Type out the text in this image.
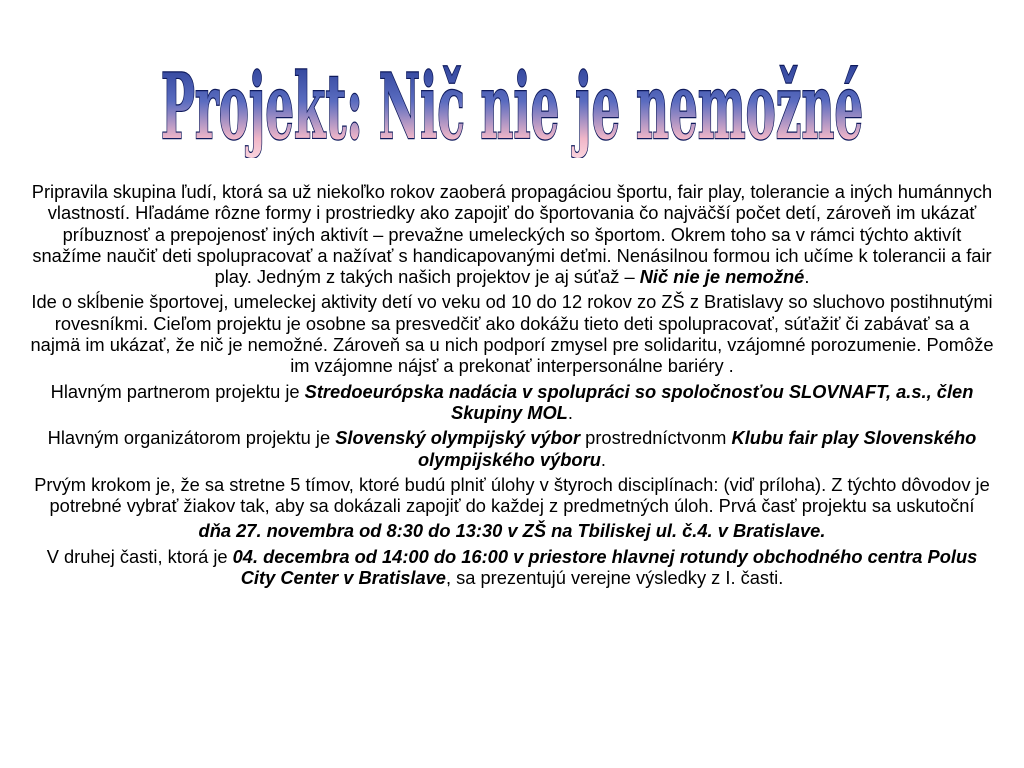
Projekt: Nič nie je nemožné

Pripravila skupina ľudí, ktorá sa už niekoľko rokov zaoberá propagáciou športu, fair play, tolerancie a iných humánnych vlastností. Hľadáme rôzne formy i prostriedky ako zapojiť do športovania čo najväčší počet detí, zároveň im ukázať príbuznosť a prepojenosť iných aktivít – prevažne umeleckých so športom. Okrem toho sa v rámci týchto aktivít snažíme naučiť deti spolupracovať a nažívať s handicapovanými deťmi. Nenásilnou formou ich učíme k tolerancii a fair play. Jedným z takých našich projektov je aj súťaž – Nič nie je nemožné.

Ide o skĺbenie športovej, umeleckej aktivity detí vo veku od 10 do 12 rokov zo ZŠ z Bratislavy so sluchovo postihnutými rovesníkmi. Cieľom projektu je osobne sa presvedčiť ako dokážu tieto deti spolupracovať, súťažiť či zabávať sa a najmä im ukázať, že nič je nemožné. Zároveň sa u nich podporí zmysel pre solidaritu, vzájomné porozumenie. Pomôže im vzájomne nájsť a prekonať interpersonálne bariéry .

Hlavným partnerom projektu je Stredoeurópska nadácia v spolupráci so spoločnosťou SLOVNAFT, a.s., člen Skupiny MOL.

Hlavným organizátorom projektu je Slovenský olympijský výbor prostredníctvonm Klubu fair play Slovenského olympijského výboru.

Prvým krokom je, že sa stretne 5 tímov, ktoré budú plniť úlohy v štyroch disciplínach: (viď príloha). Z týchto dôvodov je potrebné vybrať žiakov tak, aby sa dokázali zapojiť do každej z predmetných úloh. Prvá časť projektu sa uskutoční

dňa 27. novembra od 8:30 do 13:30 v ZŠ na Tbiliskej ul. č.4. v Bratislave.

V druhej časti, ktorá je 04. decembra od 14:00 do 16:00 v priestore hlavnej rotundy obchodného centra Polus City Center v Bratislave, sa prezentujú verejne výsledky z I. časti.
